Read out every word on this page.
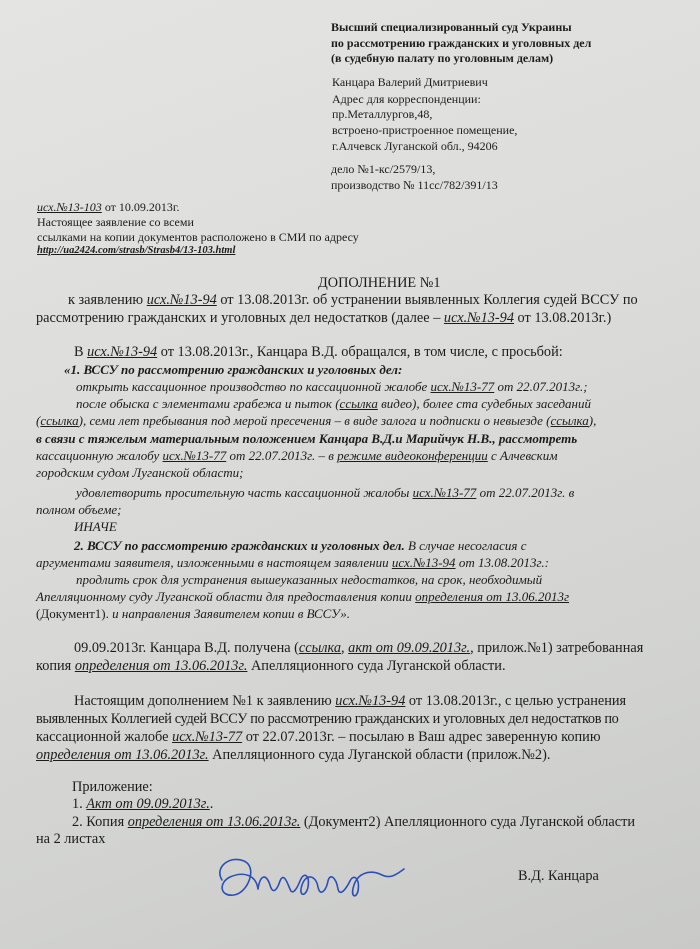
Высший специализированный суд Украины
по рассмотрению гражданских и уголовных дел
(в судебную палату по уголовным делам)
Канцара Валерий Дмитриевич
Адрес для корреспонденции:
пр.Металлургов,48,
встроено-пристроенное помещение,
г.Алчевск Луганской обл., 94206
дело №1-кс/2579/13,
производство № 11сс/782/391/13
исх.№13-103 от 10.09.2013г.
Настоящее заявление со всеми
ссылками на копии документов расположено в СМИ по адресу
http://ua2424.com/strasb/Strasb4/13-103.html
ДОПОЛНЕНИЕ №1
к заявлению исх.№13-94 от 13.08.2013г. об устранении выявленных Коллегия судей ВССУ по
рассмотрению гражданских и уголовных дел недостатков (далее – исх.№13-94 от 13.08.2013г.)
В исх.№13-94 от 13.08.2013г., Канцара В.Д. обращался, в том числе, с просьбой:
«1. ВССУ по рассмотрению гражданских и уголовных дел:
открыть кассационное производство по кассационной жалобе исх.№13-77 от 22.07.2013г.;
после обыска с элементами грабежа и пыток (ссылка видео), более ста судебных заседаний
(ссылка), семи лет пребывания под мерой пресечения – в виде залога и подписки о невыезде (ссылка),
в связи с тяжелым материальным положением Канцара В.Д.и Марийчук Н.В., рассмотреть
кассационную жалобу исх.№13-77 от 22.07.2013г. – в режиме видеоконференции с Алчевским
городским судом Луганской области;
удовлетворить просительную часть кассационной жалобы исх.№13-77 от 22.07.2013г. в
полном объеме;
ИНАЧЕ
2. ВССУ по рассмотрению гражданских и уголовных дел. В случае несогласия с
аргументами заявителя, изложенными в настоящем заявлении исх.№13-94 от 13.08.2013г.:
продлить срок для устранения вышеуказанных недостатков, на срок, необходимый
Апелляционному суду Луганской области для предоставления копии определения от 13.06.2013г
(Документ1). и направления Заявителем копии в ВССУ».
09.09.2013г. Канцара В.Д. получена (ссылка, акт от 09.09.2013г., прилож.№1) затребованная
копия определения от 13.06.2013г. Апелляционного суда Луганской области.
Настоящим дополнением №1 к заявлению исх.№13-94 от 13.08.2013г., с целью устранения
выявленных Коллегией судей ВССУ по рассмотрению гражданских и уголовных дел недостатков по
кассационной жалобе исх.№13-77 от 22.07.2013г. – посылаю в Ваш адрес заверенную копию
определения от 13.06.2013г. Апелляционного суда Луганской области (прилож.№2).
Приложение:
1. Акт от 09.09.2013г..
2. Копия определения от 13.06.2013г. (Документ2) Апелляционного суда Луганской области
на 2 листах
В.Д. Канцара
